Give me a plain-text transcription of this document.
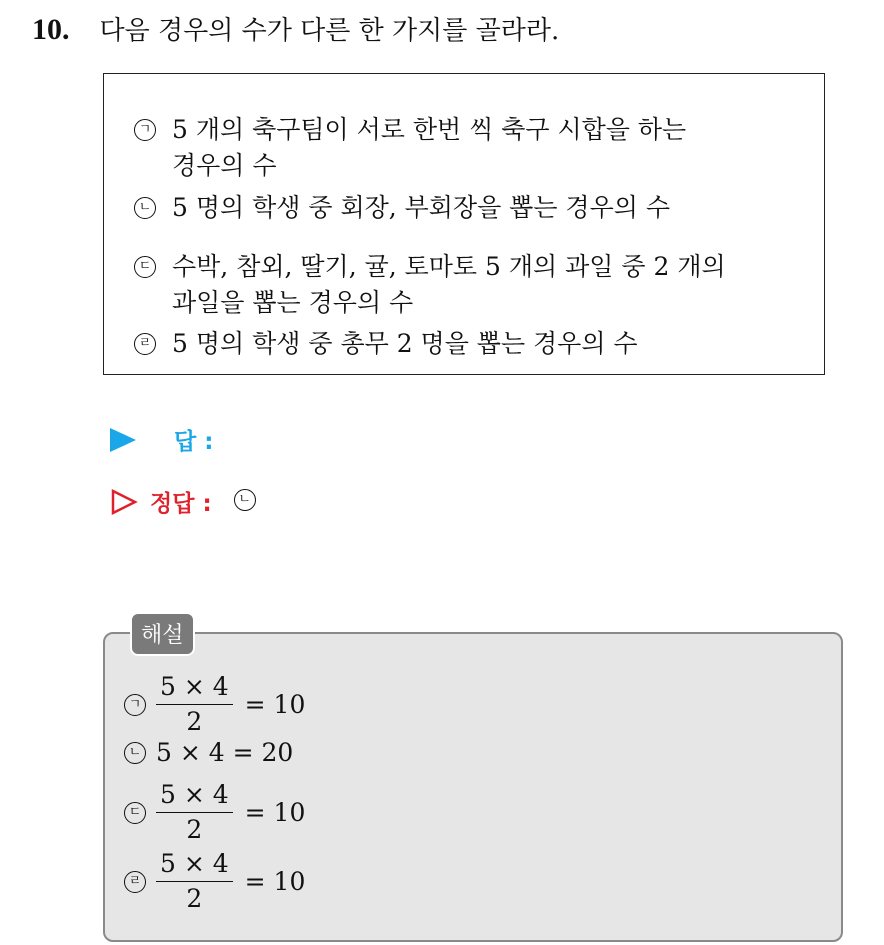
10. 다음 경우의 수가 다른 한 가지를 골라라.
ㄱ 5 개의 축구팀이 서로 한번 씩 축구 시합을 하는
경우의 수
ㄴ 5 명의 학생 중 회장, 부회장을 뽑는 경우의 수
ㄷ 수박, 참외, 딸기, 귤, 토마토 5 개의 과일 중 2 개의
과일을 뽑는 경우의 수
ㄹ 5 명의 학생 중 총무 2 명을 뽑는 경우의 수
답 :
정답 :	ㄴ
해설
ㄱ $\frac{5 \times 4}{2} = 10$
ㄴ 5 × 4 = 20
ㄷ $\frac{5 \times 4}{2} = 10$
ㄹ $\frac{5 \times 4}{2} = 10$
